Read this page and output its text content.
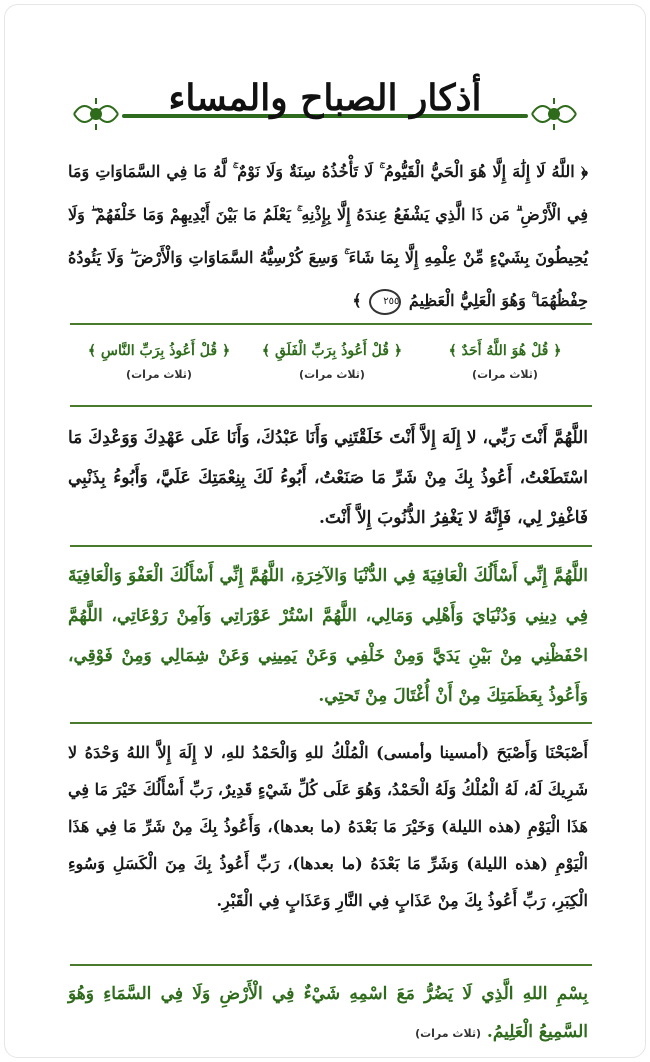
أذكار الصباح والمساء
﴿ اللَّهُ لَا إِلَٰهَ إِلَّا هُوَ الْحَيُّ الْقَيُّومُ ۚ لَا تَأْخُذُهُ سِنَةٌ وَلَا نَوْمٌ ۚ لَّهُ مَا فِي السَّمَاوَاتِ وَمَا فِي الْأَرْضِ ۗ مَن ذَا الَّذِي يَشْفَعُ عِندَهُ إِلَّا بِإِذْنِهِ ۚ يَعْلَمُ مَا بَيْنَ أَيْدِيهِمْ وَمَا خَلْفَهُمْ ۖ وَلَا يُحِيطُونَ بِشَيْءٍ مِّنْ عِلْمِهِ إِلَّا بِمَا شَاءَ ۚ وَسِعَ كُرْسِيُّهُ السَّمَاوَاتِ وَالْأَرْضَ ۖ وَلَا يَئُودُهُ حِفْظُهُمَا ۚ وَهُوَ الْعَلِيُّ الْعَظِيمُ ٢٥٥ ﴾
﴿ قُلْ هُوَ اللَّهُ أَحَدٌ ﴾
(ثلاث مرات)
﴿ قُلْ أَعُوذُ بِرَبِّ الْفَلَقِ ﴾
(ثلاث مرات)
﴿ قُلْ أَعُوذُ بِرَبِّ النَّاسِ ﴾
(ثلاث مرات)
اللَّهُمَّ أَنْتَ رَبِّي، لا إِلَهَ إِلاَّ أَنْتَ خَلَقْتَنِي وَأَنَا عَبْدُكَ، وَأَنَا عَلَى عَهْدِكَ وَوَعْدِكَ مَا اسْتَطَعْتُ، أَعُوذُ بِكَ مِنْ شَرِّ مَا صَنَعْتُ، أَبُوءُ لَكَ بِنِعْمَتِكَ عَلَيَّ، وَأَبُوءُ بِذَنْبِي فَاغْفِرْ لِي، فَإِنَّهُ لا يَغْفِرُ الذُّنُوبَ إِلاَّ أَنْتَ.
اللَّهُمَّ إِنِّي أَسْأَلُكَ الْعَافِيَةَ فِي الدُّنْيَا وَالآخِرَةِ، اللَّهُمَّ إِنِّي أَسْأَلُكَ الْعَفْوَ وَالْعَافِيَةَ فِي دِينِي وَدُنْيَايَ وَأَهْلِي وَمَالِي، اللَّهُمَّ اسْتُرْ عَوْرَاتِي وَآمِنْ رَوْعَاتِي، اللَّهُمَّ احْفَظْنِي مِنْ بَيْنِ يَدَيَّ وَمِنْ خَلْفِي وَعَنْ يَمِينِي وَعَنْ شِمَالِي وَمِنْ فَوْقِي، وَأَعُوذُ بِعَظَمَتِكَ مِنْ أَنْ أُغْتَالَ مِنْ تَحتِي.
أَصْبَحْنَا وَأَصْبَحَ (أمسينا وأمسى) الْمُلْكُ للهِ وَالْحَمْدُ للهِ، لا إِلَهَ إِلاَّ اللهُ وَحْدَهُ لا شَرِيكَ لَهُ، لَهُ الْمُلْكُ وَلَهُ الْحَمْدُ، وَهُوَ عَلَى كُلِّ شَيْءٍ قَدِيرٌ، رَبِّ أَسْأَلُكَ خَيْرَ مَا فِي هَذَا الْيَوْمِ (هذه الليلة) وَخَيْرَ مَا بَعْدَهُ (ما بعدها)، وَأَعُوذُ بِكَ مِنْ شَرِّ مَا فِي هَذَا الْيَوْمِ (هذه الليلة) وَشَرِّ مَا بَعْدَهُ (ما بعدها)، رَبِّ أَعُوذُ بِكَ مِنَ الْكَسَلِ وَسُوءِ الْكِبَرِ، رَبِّ أَعُوذُ بِكَ مِنْ عَذَابٍ فِي النَّارِ وَعَذَابٍ فِي الْقَبْرِ.
بِسْمِ اللهِ الَّذِي لَا يَضُرُّ مَعَ اسْمِهِ شَيْءٌ فِي الْأَرْضِ وَلَا فِي السَّمَاءِ وَهُوَ السَّمِيعُ الْعَلِيمُ. (ثلاث مرات)
